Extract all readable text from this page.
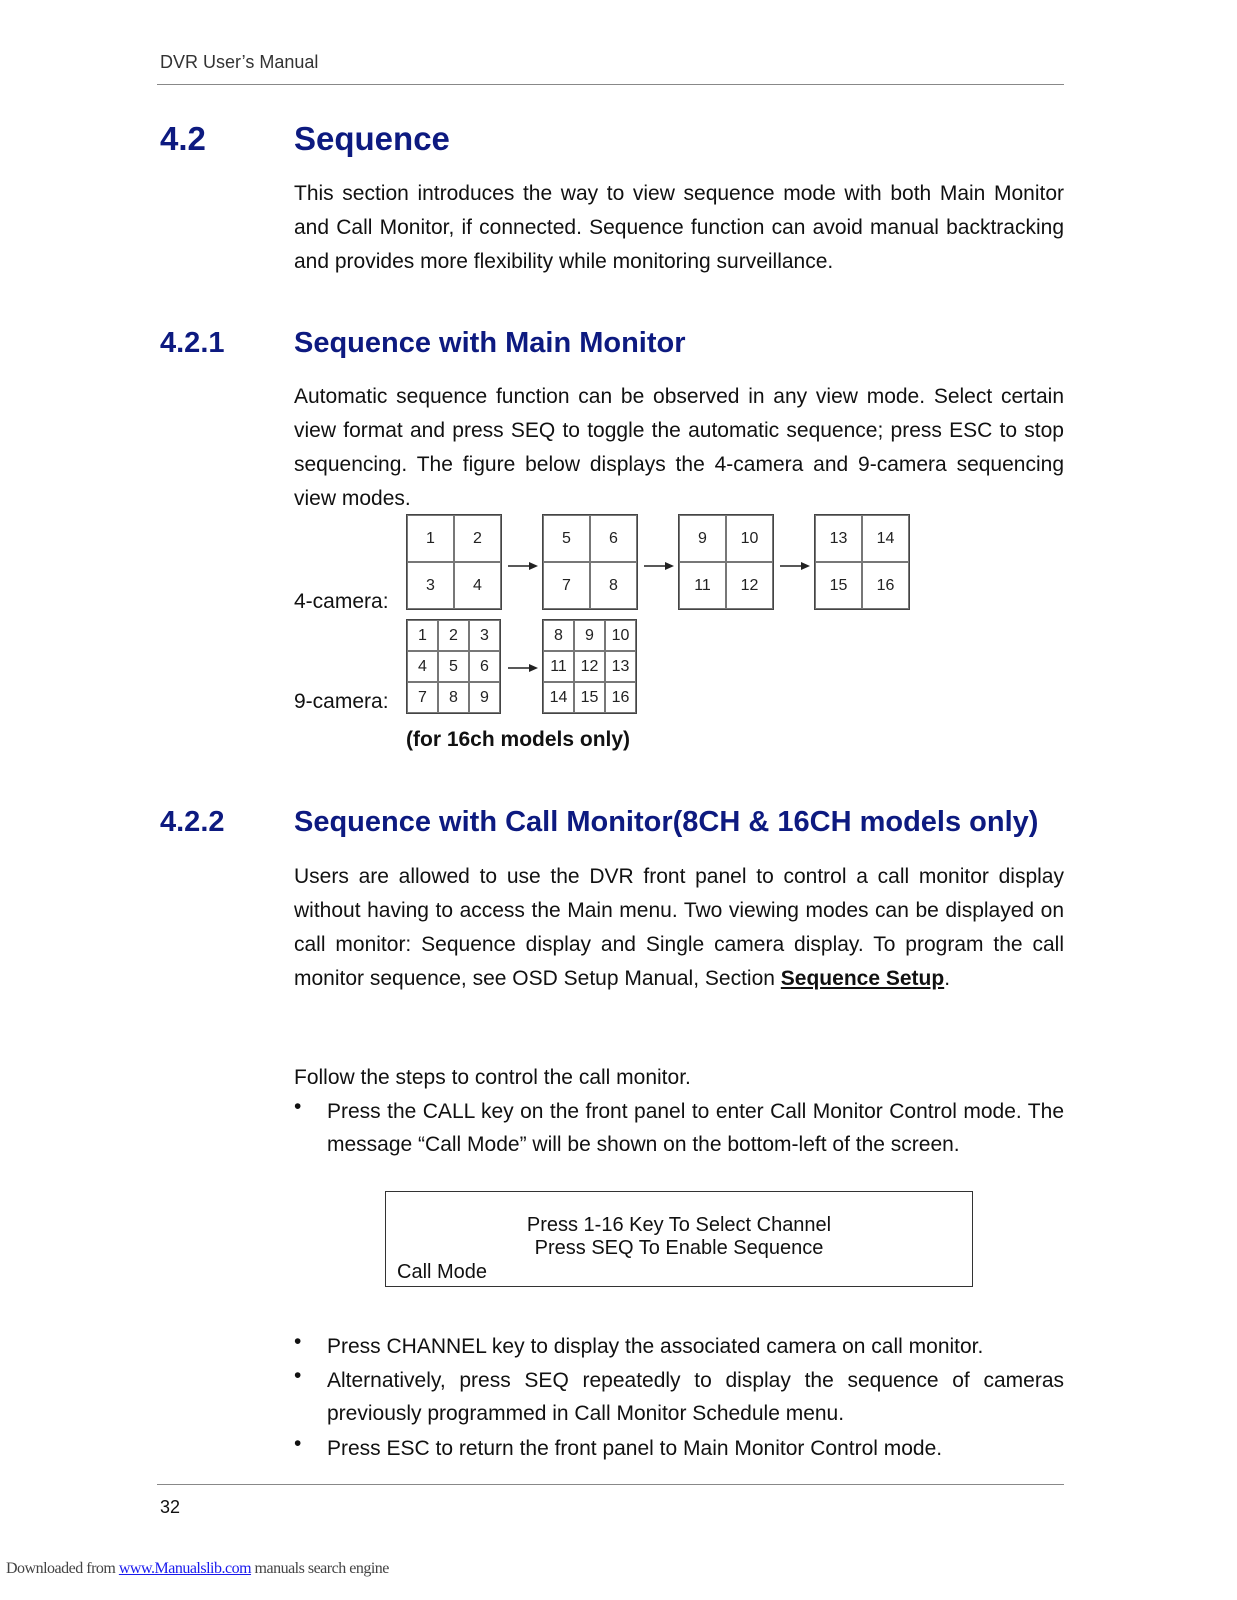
DVR User’s Manual
4.2	Sequence
This section introduces the way to view sequence mode with both Main Monitor and Call Monitor, if connected. Sequence function can avoid manual backtracking and provides more flexibility while monitoring surveillance.
4.2.1 Sequence with Main Monitor
Automatic sequence function can be observed in any view mode. Select certain view format and press SEQ to toggle the automatic sequence; press ESC to stop sequencing. The figure below displays the 4-camera and 9-camera sequencing view modes.
4-camera:
9-camera:
1	2
3	4
5	6
7	8
9	10
11	12
13	14
15	16
1	2	3
4	5	6
7	8	9
8	9	10
11 12 13
14 15 16
(for 16ch models only)
4.2.2 Sequence with Call Monitor(8CH & 16CH models only)
Users are allowed to use the DVR front panel to control a call monitor display without having to access the Main menu. Two viewing modes can be displayed on call monitor: Sequence display and Single camera display. To program the call monitor sequence, see OSD Setup Manual, Section Sequence Setup.
Follow the steps to control the call monitor.
• Press the CALL key on the front panel to enter Call Monitor Control mode. The message “Call Mode” will be shown on the bottom-left of the screen.
Press 1-16 Key To Select Channel
Press SEQ To Enable Sequence
Call Mode
• Press CHANNEL key to display the associated camera on call monitor.
• Alternatively, press SEQ repeatedly to display the sequence of cameras previously programmed in Call Monitor Schedule menu.
• Press ESC to return the front panel to Main Monitor Control mode.
32
Downloaded from www.Manualslib.com manuals search engine
